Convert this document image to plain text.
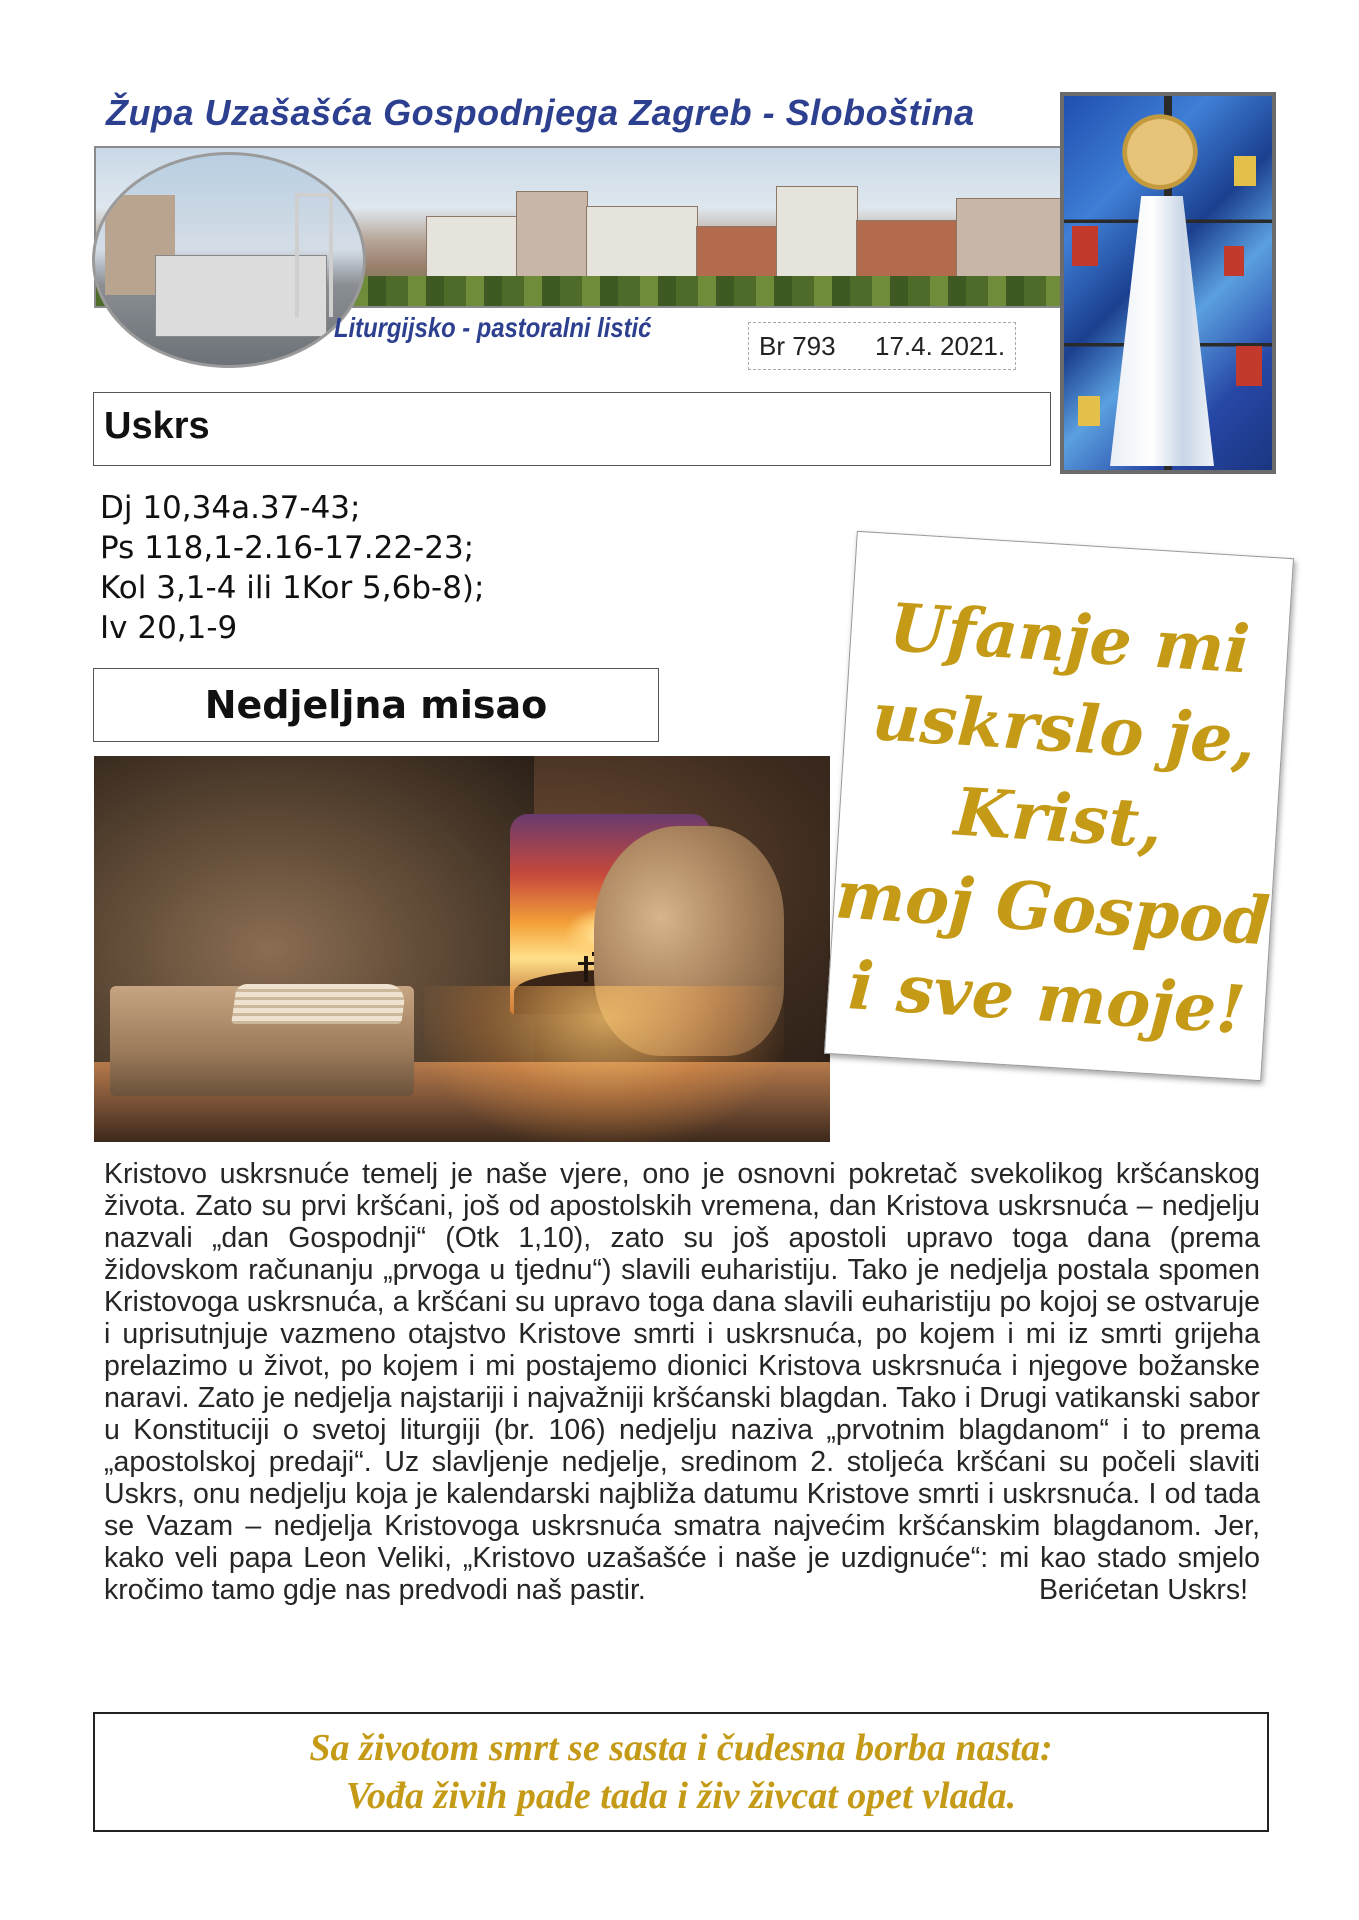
Župa Uzašašća Gospodnjega Zagreb - Sloboština
Liturgijsko - pastoralni listić
Br 793 17.4. 2021.
Uskrs
Dj 10,34a.37-43;
Ps 118,1-2.16-17.22-23;
Kol 3,1-4 ili 1Kor 5,6b-8);
Iv 20,1-9
Nedjeljna misao
Ufanje mi
uskrslo je,
Krist,
moj Gospod
i sve moje!
Kristovo uskrsnuće temelj je naše vjere, ono je osnovni pokretač svekolikog kršćanskog života. Zato su prvi kršćani, još od apostolskih vremena, dan Kristova uskrsnuća – nedjelju nazvali „dan Gospodnji“ (Otk 1,10), zato su još apostoli upravo toga dana (prema židovskom računanju „prvoga u tjednu“) slavili euharistiju. Tako je nedjelja postala spomen Kristovoga uskrsnuća, a kršćani su upravo toga dana slavili euharistiju po kojoj se ostvaruje i uprisutnjuje vazmeno otajstvo Kristove smrti i uskrsnuća, po kojem i mi iz smrti grijeha prelazimo u život, po kojem i mi postajemo dionici Kristova uskrsnuća i njegove božanske naravi. Zato je nedjelja najstariji i najvažniji kršćanski blagdan. Tako i Drugi vatikanski sabor u Konstituciji o svetoj liturgiji (br. 106) nedjelju naziva „prvotnim blagdanom“ i to prema „apostolskoj predaji“. Uz slavljenje nedjelje, sredinom 2. stoljeća kršćani su počeli slaviti Uskrs, onu nedjelju koja je kalendarski najbliža datumu Kristove smrti i uskrsnuća. I od tada se Vazam – nedjelja Kristovoga uskrsnuća smatra najvećim kršćanskim blagdanom. Jer, kako veli papa Leon Veliki, „Kristovo uzašašće i naše je uzdignuće“: mi kao stado smjelo kročimo tamo gdje nas predvodi naš pastir.	Berićetan Uskrs!
Sa životom smrt se sasta i čudesna borba nasta:
Vođa živih pade tada i živ živcat opet vlada.
